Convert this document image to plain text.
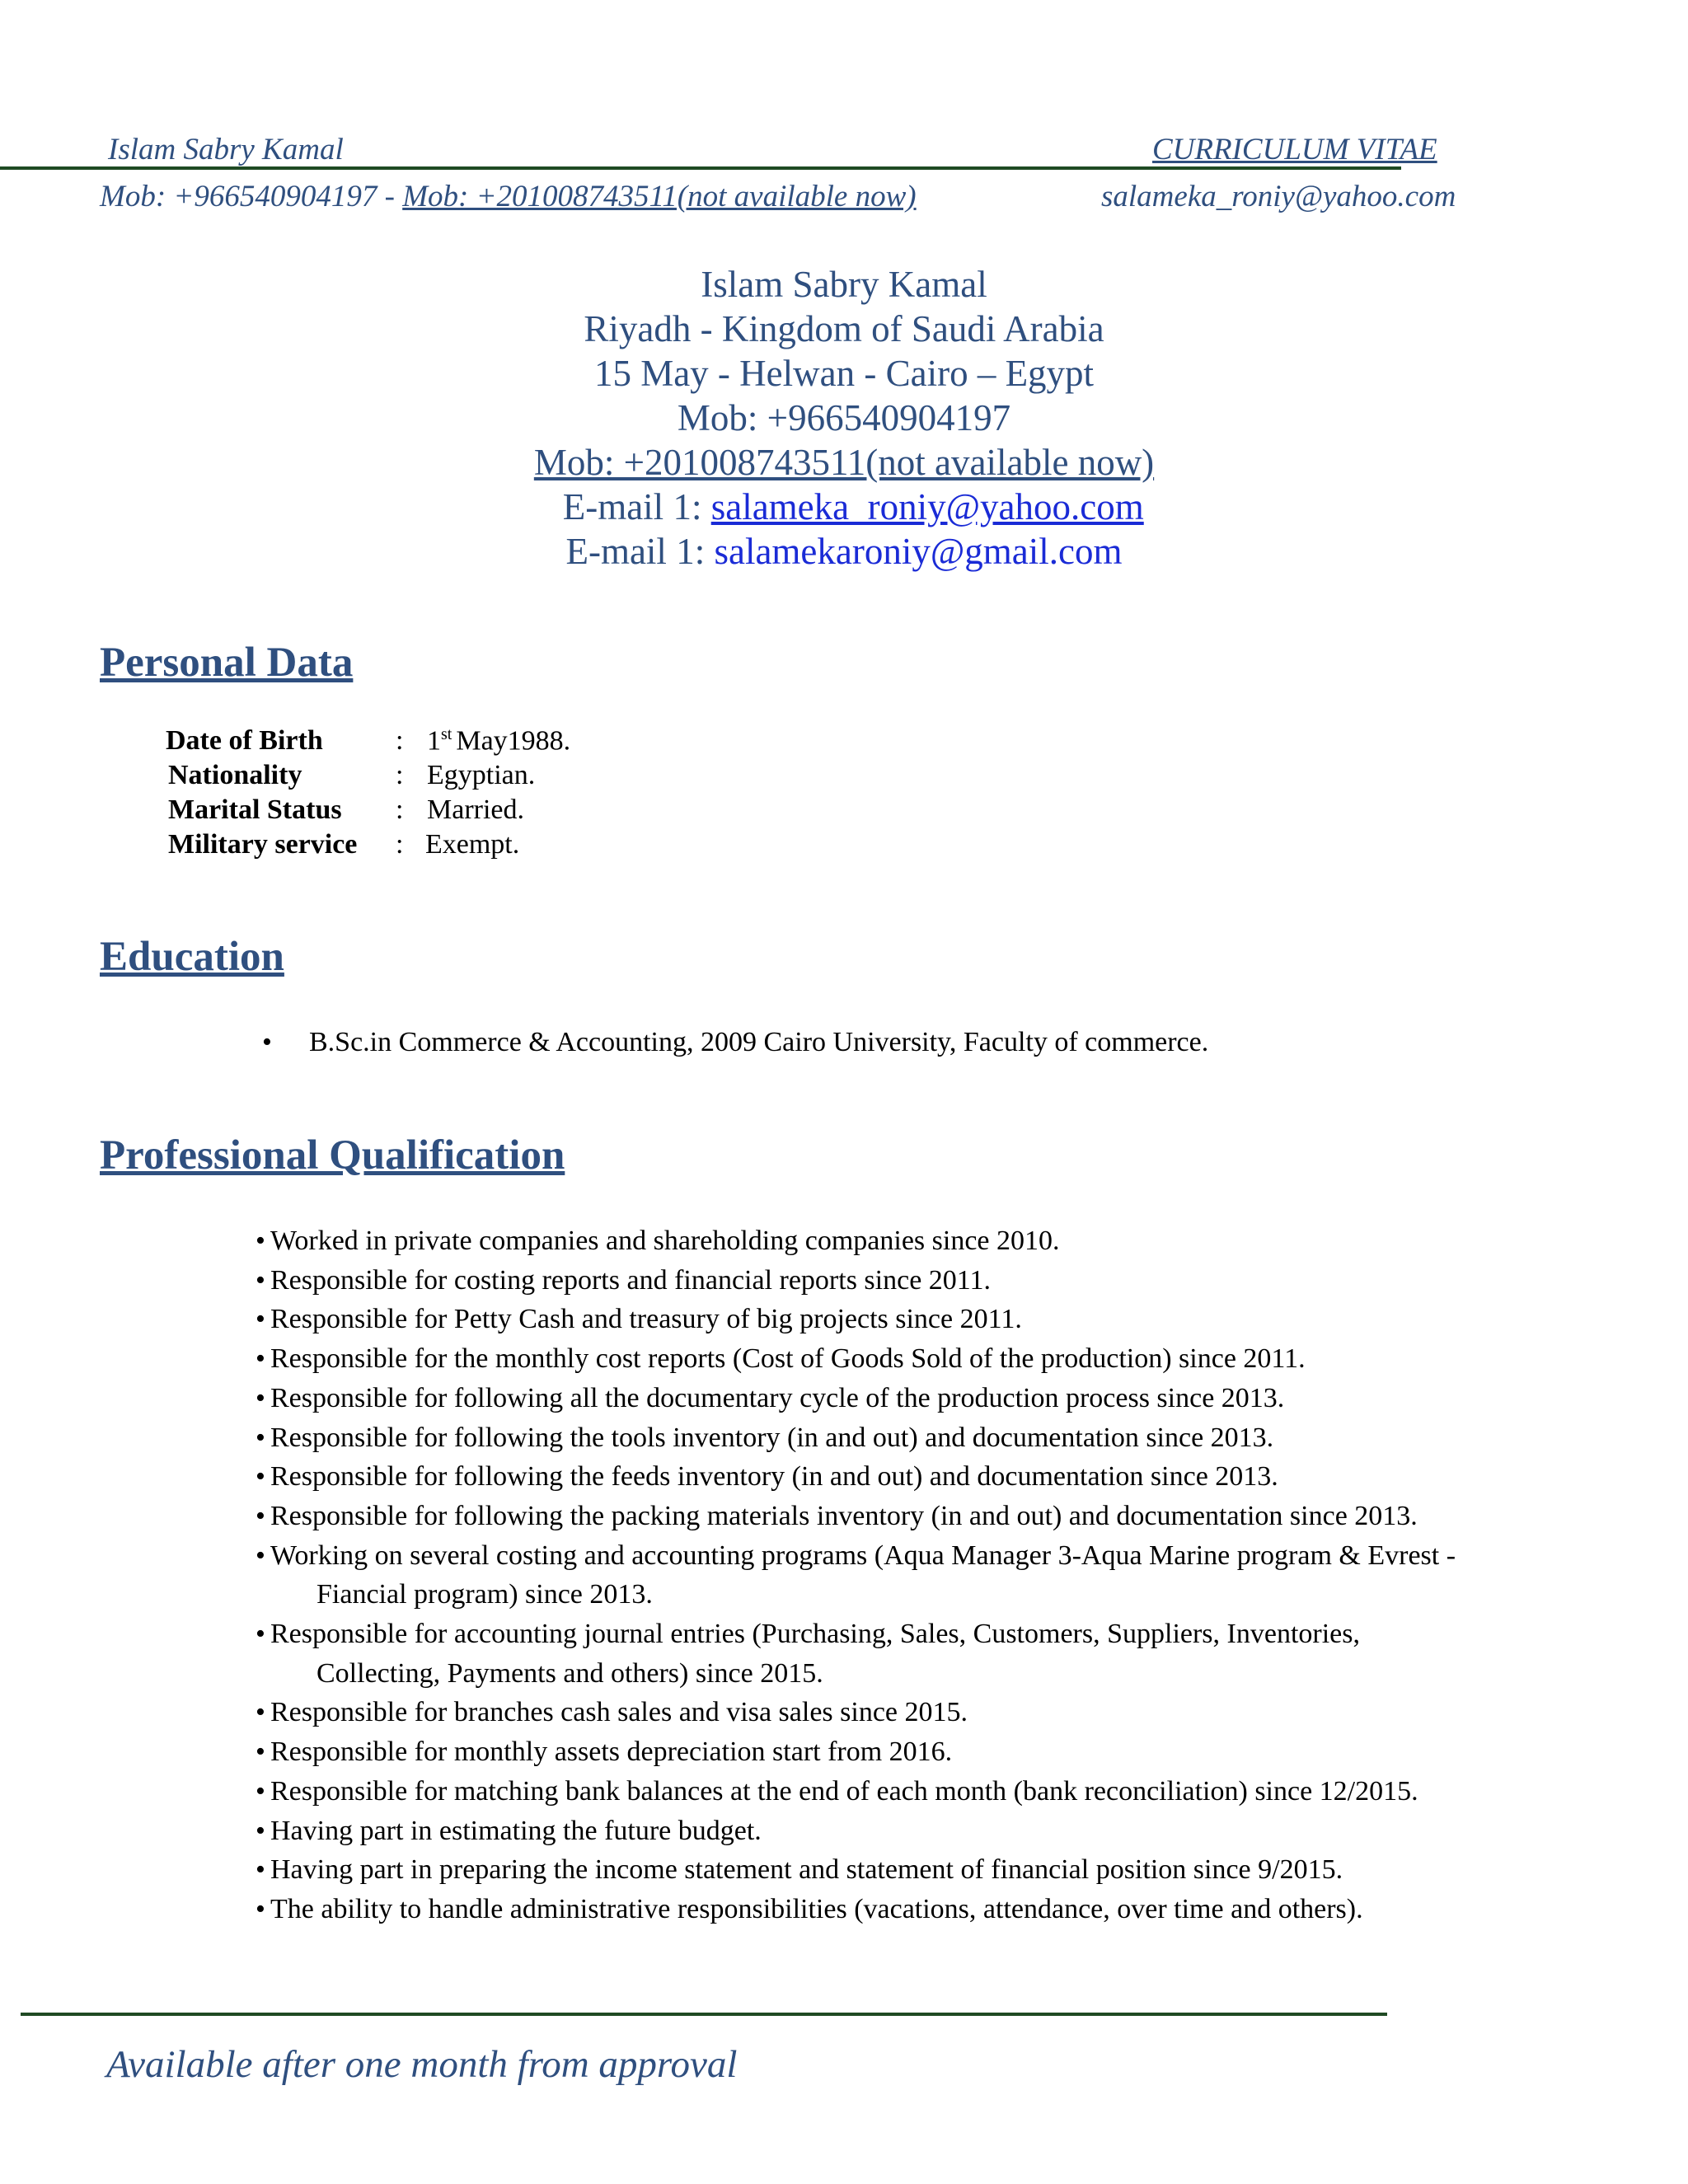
Islam Sabry Kamal	CURRICULUM VITAE
Mob: +966540904197 - Mob: +201008743511(not available now)	salameka_roniy@yahoo.com
Islam Sabry Kamal
Riyadh - Kingdom of Saudi Arabia
15 May - Helwan - Cairo – Egypt
Mob: +966540904197
Mob: +201008743511(not available now)
E-mail 1: salameka_roniy@yahoo.com
E-mail 1: salamekaroniy@gmail.com
Personal Data
Date of Birth	: 1st May1988.
Nationality	: Egyptian.
Marital Status : Married.
Military service : Exempt.
Education
• B.Sc.in Commerce & Accounting, 2009 Cairo University, Faculty of commerce.
Professional Qualification
• Worked in private companies and shareholding companies since 2010.
• Responsible for costing reports and financial reports since 2011.
• Responsible for Petty Cash and treasury of big projects since 2011.
• Responsible for the monthly cost reports (Cost of Goods Sold of the production) since 2011.
• Responsible for following all the documentary cycle of the production process since 2013.
• Responsible for following the tools inventory (in and out) and documentation since 2013.
• Responsible for following the feeds inventory (in and out) and documentation since 2013.
• Responsible for following the packing materials inventory (in and out) and documentation since 2013.
• Working on several costing and accounting programs (Aqua Manager 3-Aqua Marine program & Evrest -
Fiancial program) since 2013.
• Responsible for accounting journal entries (Purchasing, Sales, Customers, Suppliers, Inventories,
Collecting, Payments and others) since 2015.
• Responsible for branches cash sales and visa sales since 2015.
• Responsible for monthly assets depreciation start from 2016.
• Responsible for matching bank balances at the end of each month (bank reconciliation) since 12/2015.
• Having part in estimating the future budget.
• Having part in preparing the income statement and statement of financial position since 9/2015.
• The ability to handle administrative responsibilities (vacations, attendance, over time and others).
Available after one month from approval
